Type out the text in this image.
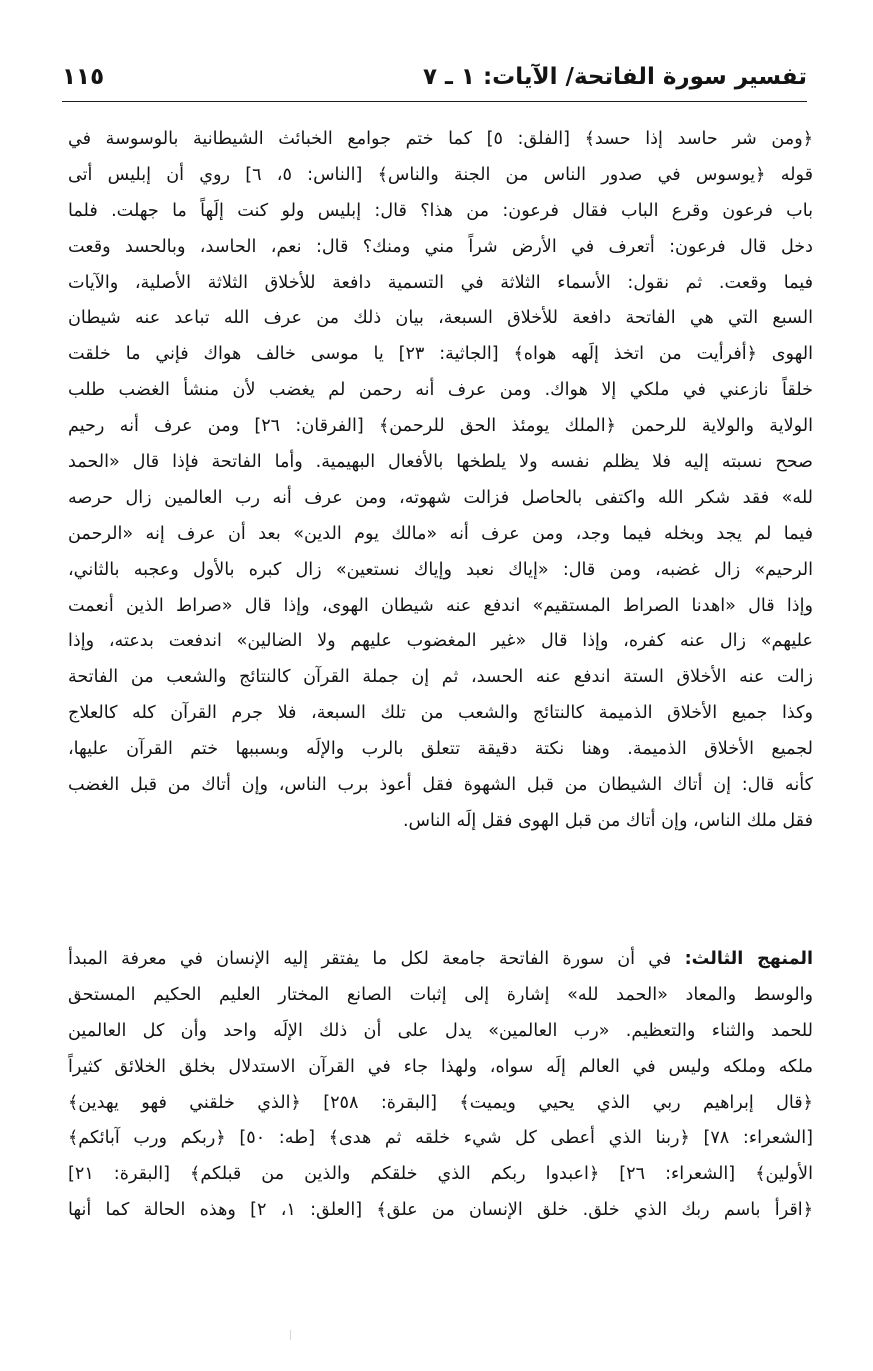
تفسير سورة الفاتحة/ الآيات: ١ ـ ٧
١١٥
﴿ومن شر حاسد إذا حسد﴾ [الفلق: ٥] كما ختم جوامع الخبائث الشيطانية بالوسوسة في
قوله ﴿يوسوس في صدور الناس من الجنة والناس﴾ [الناس: ٥، ٦] روي أن إبليس أتى
باب فرعون وقرع الباب فقال فرعون: من هذا؟ قال: إبليس ولو كنت إلَهاً ما جهلت. فلما
دخل قال فرعون: أتعرف في الأرض شراً مني ومنك؟ قال: نعم، الحاسد، وبالحسد وقعت
فيما وقعت. ثم نقول: الأسماء الثلاثة في التسمية دافعة للأخلاق الثلاثة الأصلية، والآيات
السبع التي هي الفاتحة دافعة للأخلاق السبعة، بيان ذلك من عرف الله تباعد عنه شيطان
الهوى ﴿أفرأيت من اتخذ إلَهه هواه﴾ [الجاثية: ٢٣] يا موسى خالف هواك فإني ما خلقت
خلقاً نازعني في ملكي إلا هواك. ومن عرف أنه رحمن لم يغضب لأن منشأ الغضب طلب
الولاية والولاية للرحمن ﴿الملك يومئذ الحق للرحمن﴾ [الفرقان: ٢٦] ومن عرف أنه رحيم
صحح نسبته إليه فلا يظلم نفسه ولا يلطخها بالأفعال البهيمية. وأما الفاتحة فإذا قال «الحمد
لله» فقد شكر الله واكتفى بالحاصل فزالت شهوته، ومن عرف أنه رب العالمين زال حرصه
فيما لم يجد وبخله فيما وجد، ومن عرف أنه «مالك يوم الدين» بعد أن عرف إنه «الرحمن
الرحيم» زال غضبه، ومن قال: «إياك نعبد وإياك نستعين» زال كبره بالأول وعجبه بالثاني،
وإذا قال «اهدنا الصراط المستقيم» اندفع عنه شيطان الهوى، وإذا قال «صراط الذين أنعمت
عليهم» زال عنه كفره، وإذا قال «غير المغضوب عليهم ولا الضالين» اندفعت بدعته، وإذا
زالت عنه الأخلاق الستة اندفع عنه الحسد، ثم إن جملة القرآن كالنتائج والشعب من الفاتحة
وكذا جميع الأخلاق الذميمة كالنتائج والشعب من تلك السبعة، فلا جرم القرآن كله كالعلاج
لجميع الأخلاق الذميمة. وهنا نكتة دقيقة تتعلق بالرب والإلَه وبسببها ختم القرآن عليها،
كأنه قال: إن أتاك الشيطان من قبل الشهوة فقل أعوذ برب الناس، وإن أتاك من قبل الغضب
فقل ملك الناس، وإن أتاك من قبل الهوى فقل إلَه الناس.
المنهج الثالث: في أن سورة الفاتحة جامعة لكل ما يفتقر إليه الإنسان في معرفة المبدأ
والوسط والمعاد «الحمد لله» إشارة إلى إثبات الصانع المختار العليم الحكيم المستحق
للحمد والثناء والتعظيم. «رب العالمين» يدل على أن ذلك الإلَه واحد وأن كل العالمين
ملكه وملكه وليس في العالم إلَه سواه، ولهذا جاء في القرآن الاستدلال بخلق الخلائق كثيراً
﴿قال إبراهيم ربي الذي يحيي ويميت﴾ [البقرة: ٢٥٨] ﴿الذي خلقني فهو يهدين﴾
[الشعراء: ٧٨] ﴿ربنا الذي أعطى كل شيء خلقه ثم هدى﴾ [طه: ٥٠] ﴿ربكم ورب آبائكم﴾
الأولين﴾ [الشعراء: ٢٦] ﴿اعبدوا ربكم الذي خلقكم والذين من قبلكم﴾ [البقرة: ٢١]
﴿اقرأ باسم ربك الذي خلق. خلق الإنسان من علق﴾ [العلق: ١، ٢] وهذه الحالة كما أنها
